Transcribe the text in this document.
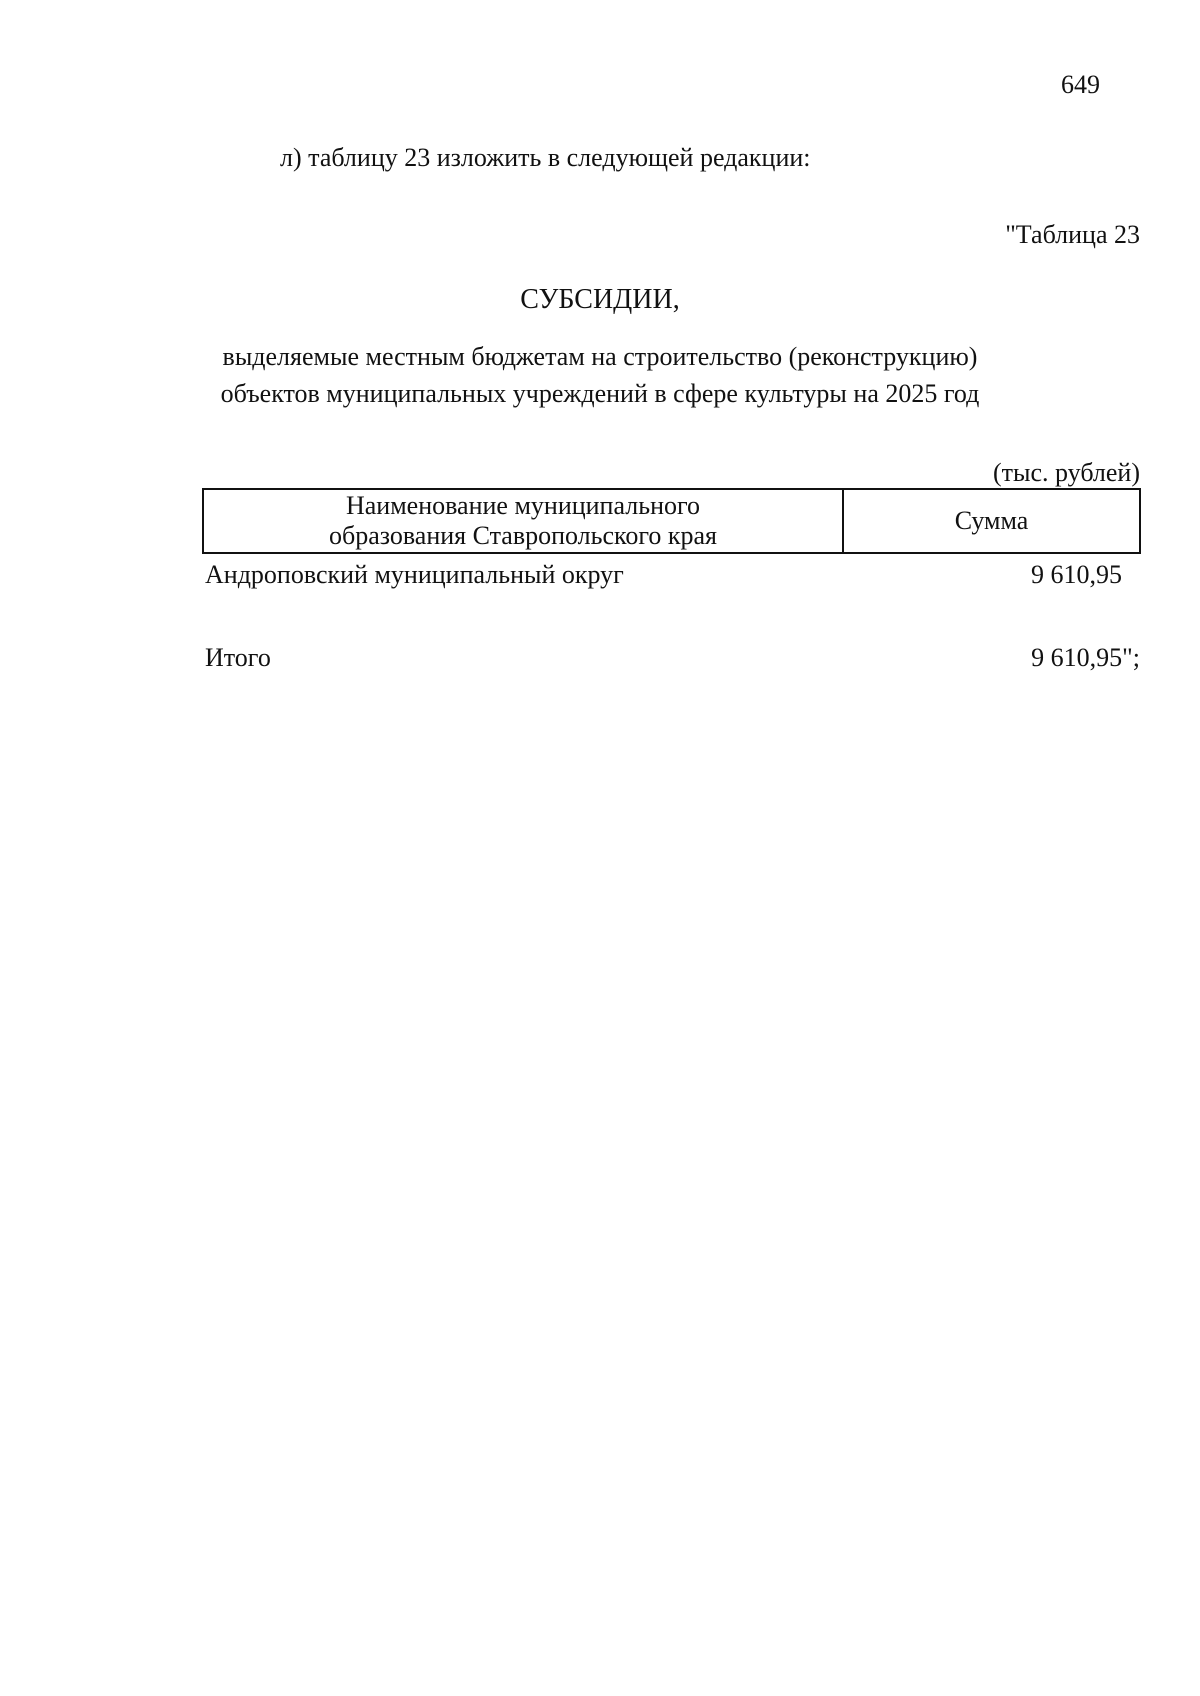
649
л) таблицу 23 изложить в следующей редакции:
"Таблица 23
СУБСИДИИ,
выделяемые местным бюджетам на строительство (реконструкцию)
объектов муниципальных учреждений в сфере культуры на 2025 год
(тыс. рублей)
Наименование муниципального
образования Ставропольского края
Сумма
Андроповский муниципальный округ	9 610,95
Итого	9 610,95";
